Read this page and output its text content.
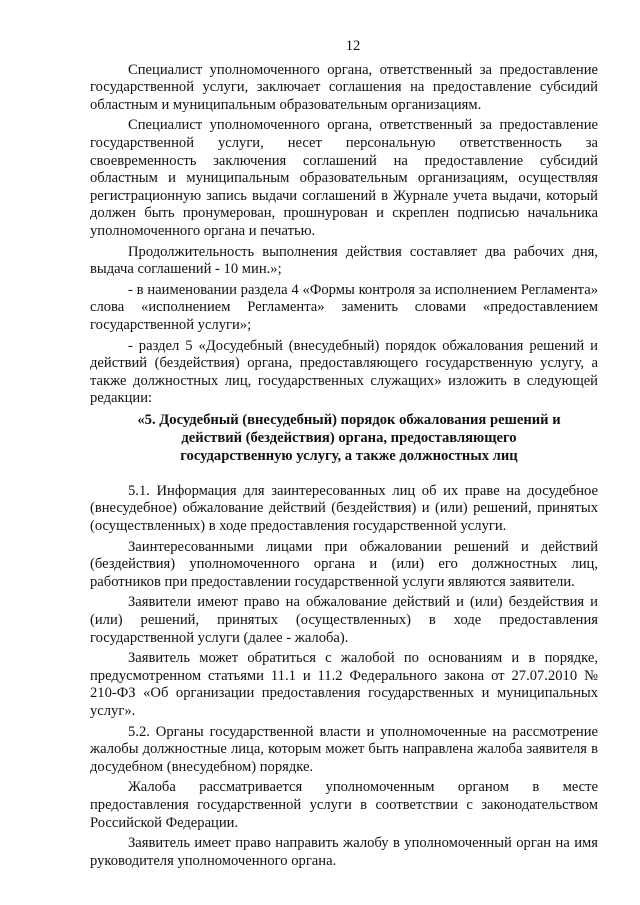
12

Специалист уполномоченного органа, ответственный за предоставление государственной услуги, заключает соглашения на предоставление субсидий областным и муниципальным образовательным организациям.

Специалист уполномоченного органа, ответственный за предоставление государственной услуги, несет персональную ответственность за своевременность заключения соглашений на предоставление субсидий областным и муниципальным образовательным организациям, осуществляя регистрационную запись выдачи соглашений в Журнале учета выдачи, который должен быть пронумерован, прошнурован и скреплен подписью начальника уполномоченного органа и печатью.

Продолжительность выполнения действия составляет два рабочих дня, выдача соглашений - 10 мин.»;

- в наименовании раздела 4 «Формы контроля за исполнением Регламента» слова «исполнением Регламента» заменить словами «предоставлением государственной услуги»;

- раздел 5 «Досудебный (внесудебный) порядок обжалования решений и действий (бездействия) органа, предоставляющего государственную услугу, а также должностных лиц, государственных служащих» изложить в следующей редакции:

«5. Досудебный (внесудебный) порядок обжалования решений и действий (бездействия) органа, предоставляющего государственную услугу, а также должностных лиц

5.1. Информация для заинтересованных лиц об их праве на досудебное (внесудебное) обжалование действий (бездействия) и (или) решений, принятых (осуществленных) в ходе предоставления государственной услуги.

Заинтересованными лицами при обжаловании решений и действий (бездействия) уполномоченного органа и (или) его должностных лиц, работников при предоставлении государственной услуги являются заявители.

Заявители имеют право на обжалование действий и (или) бездействия и (или) решений, принятых (осуществленных) в ходе предоставления государственной услуги (далее - жалоба).

Заявитель может обратиться с жалобой по основаниям и в порядке, предусмотренном статьями 11.1 и 11.2 Федерального закона от 27.07.2010 № 210-ФЗ «Об организации предоставления государственных и муниципальных услуг».

5.2. Органы государственной власти и уполномоченные на рассмотрение жалобы должностные лица, которым может быть направлена жалоба заявителя в досудебном (внесудебном) порядке.

Жалоба рассматривается уполномоченным органом в месте предоставления государственной услуги в соответствии с законодательством Российской Федерации.

Заявитель имеет право направить жалобу в уполномоченный орган на имя руководителя уполномоченного органа.
